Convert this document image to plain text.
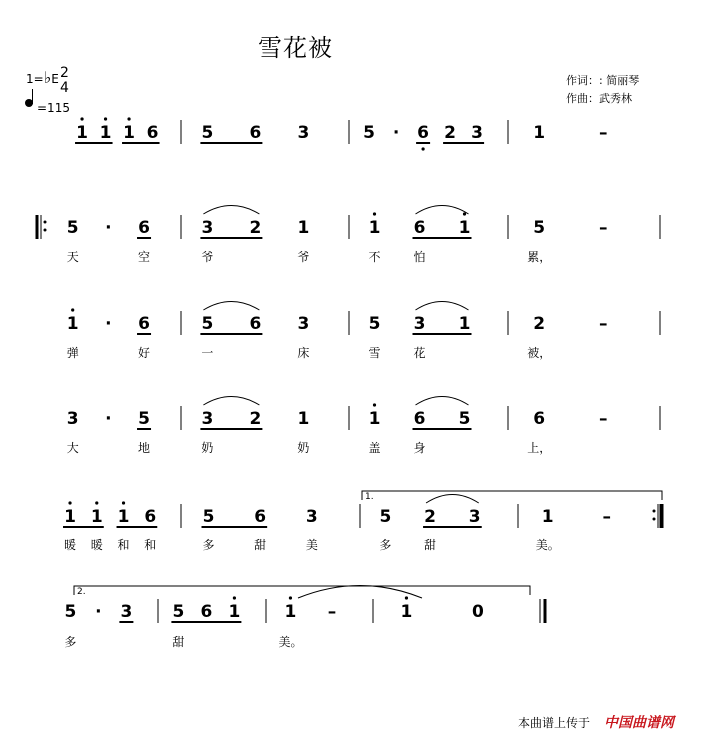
雪花被
作词：: 简丽琴
作曲：武秀林
1=♭E 2
4
=115
1 1 1 6	5 6 3	5 · 6 2 3	1	–
5 · 6
天	空
3 2 1
爷	爷
1 6 1
不	怕
5	–
累，
1 · 6
弹	好
5 6 3
一	床
5 3 1
雪	花
2	–
被，
3 · 5
大	地
3 2 1
奶	奶
1 6 5
盖	身
6	–
上，
1.
1 1 1 6
暖 暖 和 和
5 6 3
多	甜	美
5 2 3
多	甜
1	–
美。
2.
5 · 3
多
5 6 1
甜
1 –
美。
1	0
本曲谱上传于 中国曲谱网
